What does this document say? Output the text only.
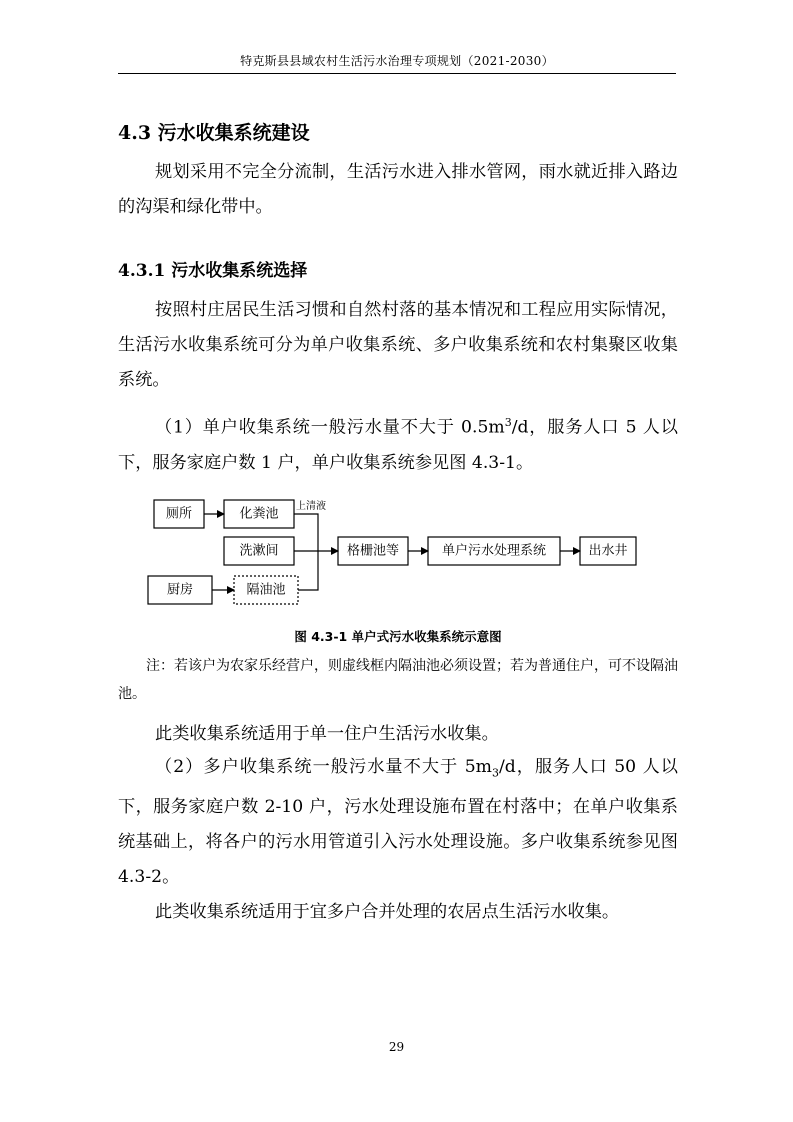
特克斯县县域农村生活污水治理专项规划（2021-2030）
4.3 污水收集系统建设

规划采用不完全分流制，生活污水进入排水管网，雨水就近排入路边的沟渠和绿化带中。

4.3.1 污水收集系统选择

按照村庄居民生活习惯和自然村落的基本情况和工程应用实际情况，生活污水收集系统可分为单户收集系统、多户收集系统和农村集聚区收集系统。

（1）单户收集系统一般污水量不大于 $0.5m^3/d$，服务人口 5 人以下，服务家庭户数 1 户，单户收集系统参见图 4.3-1。

厕所	化粪池
洗漱间
厨房	隔油池
格栅池等	单户污水处理系统	出水井
上清液
图 4.3-1 单户式污水收集系统示意图

注：若该户为农家乐经营户，则虚线框内隔油池必须设置；若为普通住户，可不设隔油池。

此类收集系统适用于单一住户生活污水收集。

（2）多户收集系统一般污水量不大于 $5m_3/d$，服务人口 50 人以下，服务家庭户数 2-10 户，污水处理设施布置在村落中；在单户收集系统基础上，将各户的污水用管道引入污水处理设施。多户收集系统参见图 4.3-2。

此类收集系统适用于宜多户合并处理的农居点生活污水收集。

29
